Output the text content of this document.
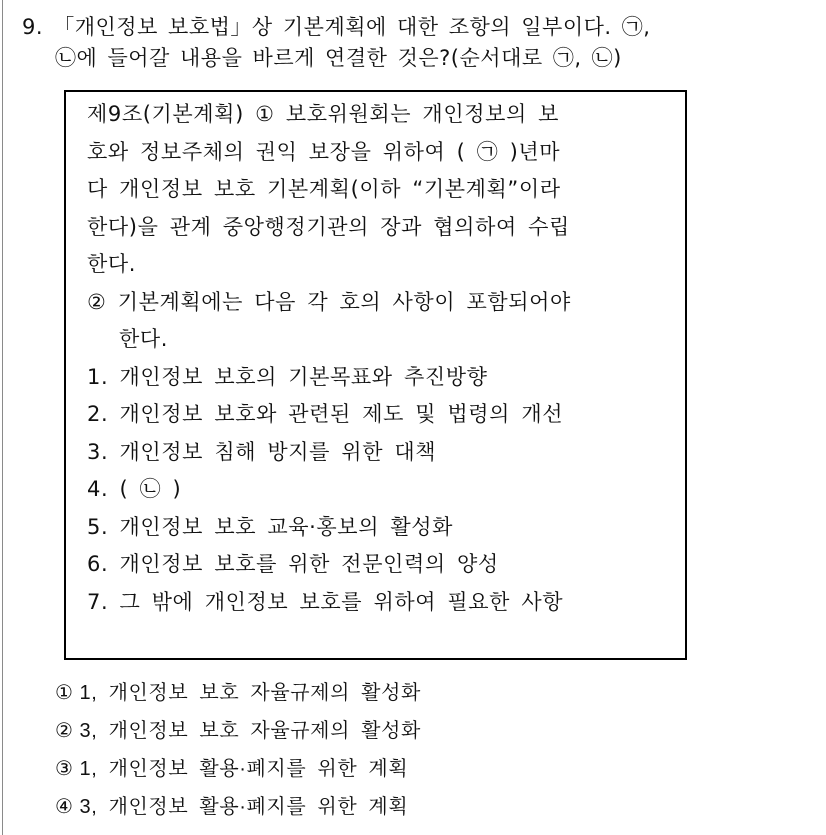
9. 「개인정보 보호법」상 기본계획에 대한 조항의 일부이다. ㉠,
㉡에 들어갈 내용을 바르게 연결한 것은?(순서대로 ㉠, ㉡)
제9조(기본계획) ① 보호위원회는 개인정보의 보
호와 정보주체의 권익 보장을 위하여 ( ㉠ )년마
다 개인정보 보호 기본계획(이하 “기본계획”이라
한다)을 관계 중앙행정기관의 장과 협의하여 수립
한다.
② 기본계획에는 다음 각 호의 사항이 포함되어야
한다.
1. 개인정보 보호의 기본목표와 추진방향
2. 개인정보 보호와 관련된 제도 및 법령의 개선
3. 개인정보 침해 방지를 위한 대책
4. ( ㉡ )
5. 개인정보 보호 교육·홍보의 활성화
6. 개인정보 보호를 위한 전문인력의 양성
7. 그 밖에 개인정보 보호를 위하여 필요한 사항
① 1, 개인정보 보호 자율규제의 활성화
② 3, 개인정보 보호 자율규제의 활성화
③ 1, 개인정보 활용·폐지를 위한 계획
④ 3, 개인정보 활용·폐지를 위한 계획
